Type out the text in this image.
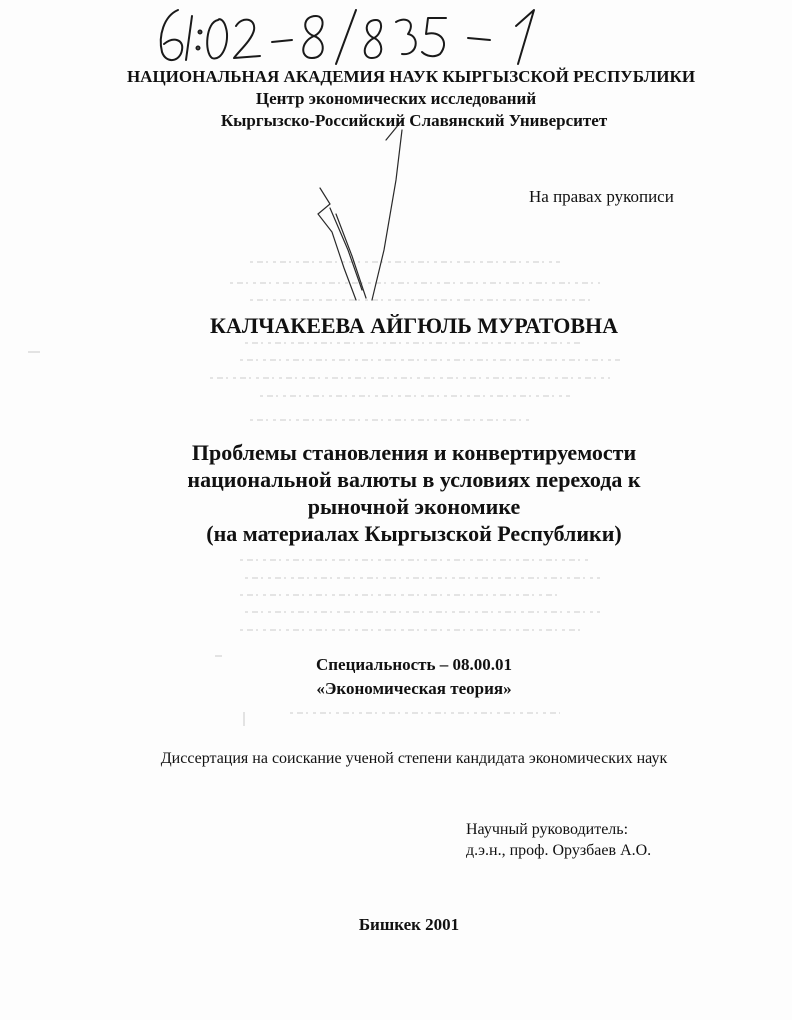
НАЦИОНАЛЬНАЯ АКАДЕМИЯ НАУК КЫРГЫЗСКОЙ РЕСПУБЛИКИ
Центр экономических исследований
Кыргызско-Российский Славянский Университет
На правах рукописи
КАЛЧАКЕЕВА АЙГЮЛЬ МУРАТОВНА
Проблемы становления и конвертируемости
национальной валюты в условиях перехода к
рыночной экономике
(на материалах Кыргызской Республики)
Специальность – 08.00.01
«Экономическая теория»
Диссертация на соискание ученой степени кандидата экономических наук
Научный руководитель:
д.э.н., проф. Орузбаев А.О.
Бишкек 2001
